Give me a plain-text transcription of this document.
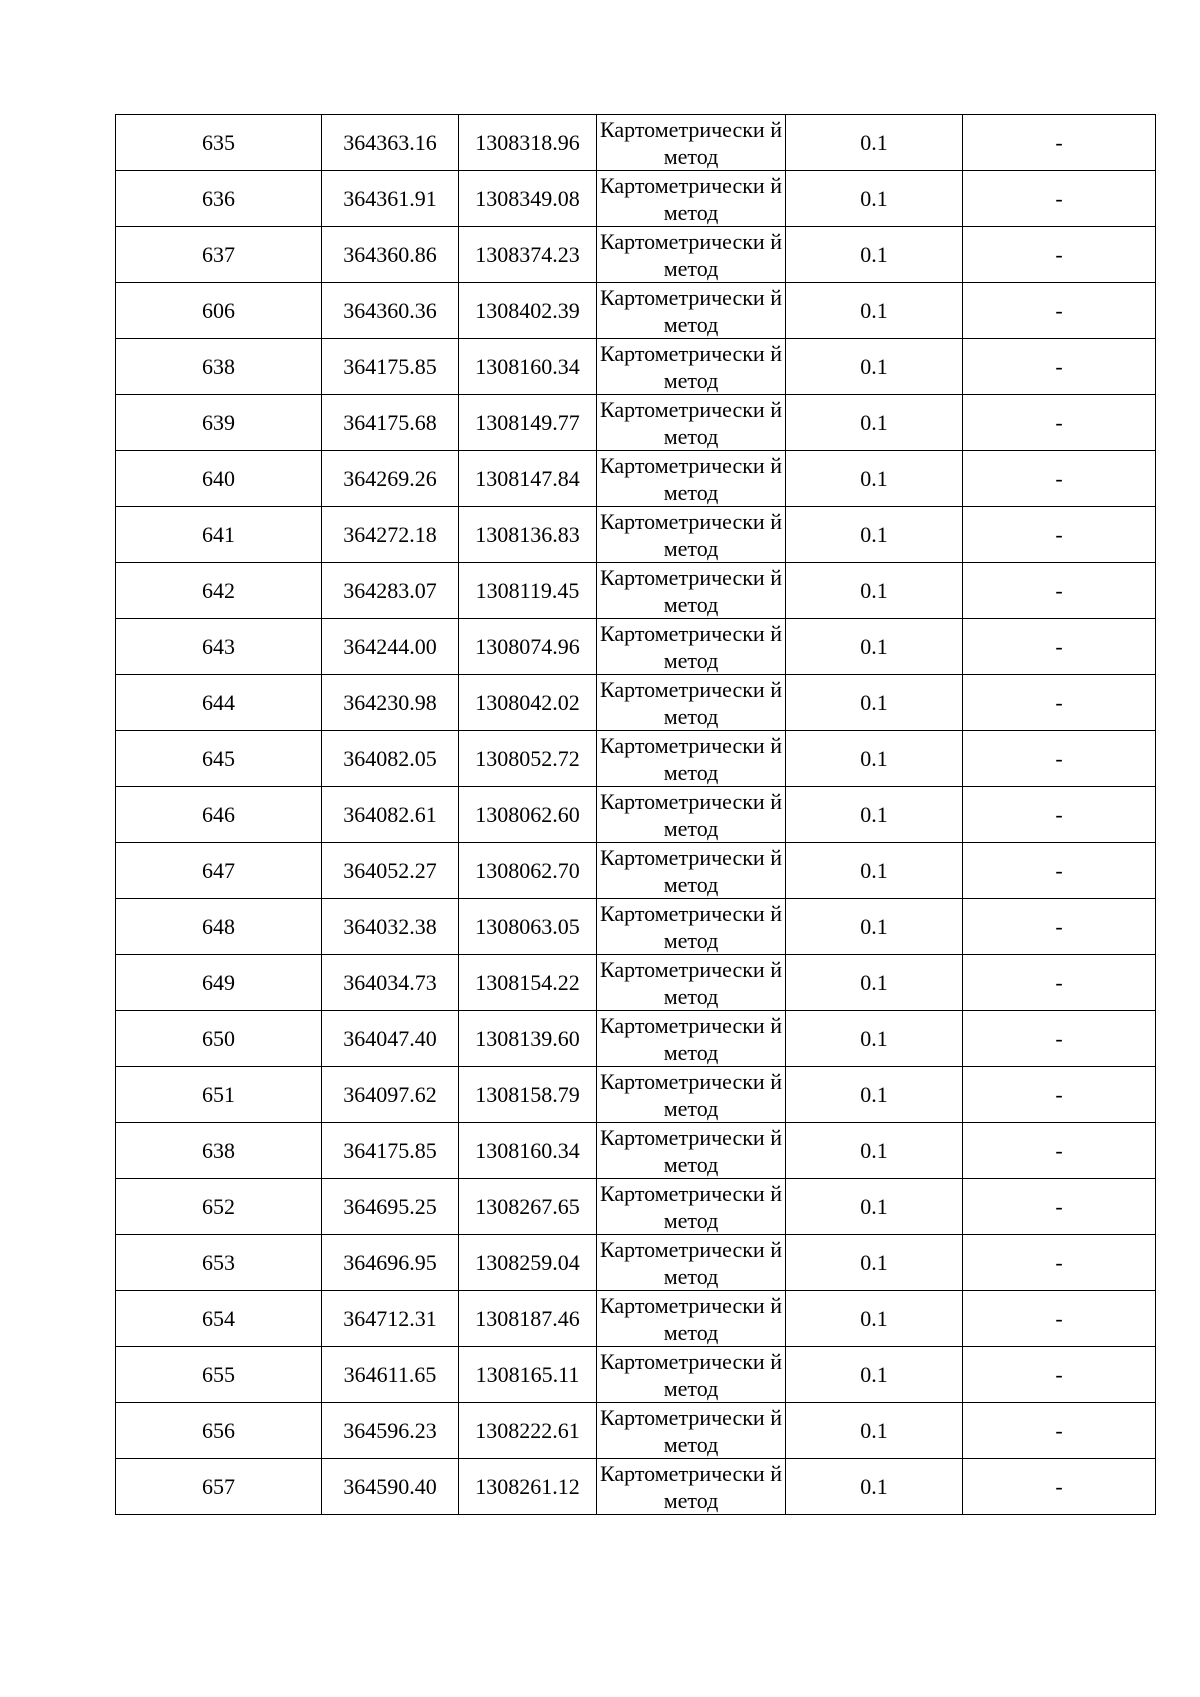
635	364363.16	1308318.96	Картометрически й метод	0.1	-
636	364361.91	1308349.08	Картометрически й метод	0.1	-
637	364360.86	1308374.23	Картометрически й метод	0.1	-
606	364360.36	1308402.39	Картометрически й метод	0.1	-
638	364175.85	1308160.34	Картометрически й метод	0.1	-
639	364175.68	1308149.77	Картометрически й метод	0.1	-
640	364269.26	1308147.84	Картометрически й метод	0.1	-
641	364272.18	1308136.83	Картометрически й метод	0.1	-
642	364283.07	1308119.45	Картометрически й метод	0.1	-
643	364244.00	1308074.96	Картометрически й метод	0.1	-
644	364230.98	1308042.02	Картометрически й метод	0.1	-
645	364082.05	1308052.72	Картометрически й метод	0.1	-
646	364082.61	1308062.60	Картометрически й метод	0.1	-
647	364052.27	1308062.70	Картометрически й метод	0.1	-
648	364032.38	1308063.05	Картометрически й метод	0.1	-
649	364034.73	1308154.22	Картометрически й метод	0.1	-
650	364047.40	1308139.60	Картометрически й метод	0.1	-
651	364097.62	1308158.79	Картометрически й метод	0.1	-
638	364175.85	1308160.34	Картометрически й метод	0.1	-
652	364695.25	1308267.65	Картометрически й метод	0.1	-
653	364696.95	1308259.04	Картометрически й метод	0.1	-
654	364712.31	1308187.46	Картометрически й метод	0.1	-
655	364611.65	1308165.11	Картометрически й метод	0.1	-
656	364596.23	1308222.61	Картометрически й метод	0.1	-
657	364590.40	1308261.12	Картометрически й метод	0.1	-
